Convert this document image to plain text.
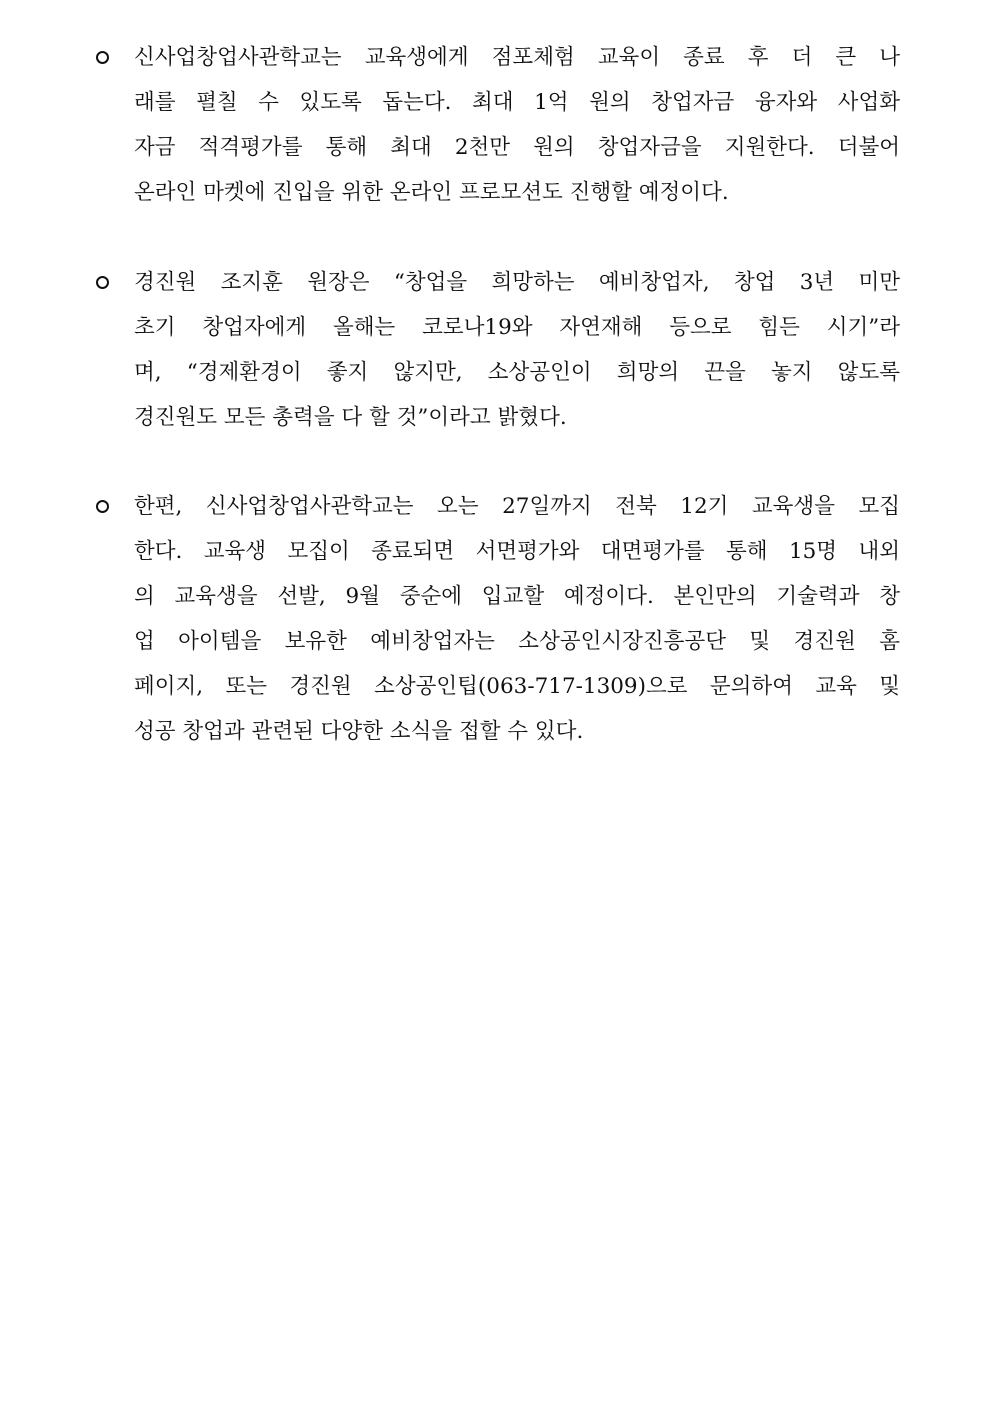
신사업창업사관학교는 교육생에게 점포체험 교육이 종료 후 더 큰 나
래를 펼칠 수 있도록 돕는다. 최대 1억 원의 창업자금 융자와 사업화
자금 적격평가를 통해 최대 2천만 원의 창업자금을 지원한다. 더불어
온라인 마켓에 진입을 위한 온라인 프로모션도 진행할 예정이다.
경진원 조지훈 원장은 “창업을 희망하는 예비창업자, 창업 3년 미만
초기 창업자에게 올해는 코로나19와 자연재해 등으로 힘든 시기”라
며, “경제환경이 좋지 않지만, 소상공인이 희망의 끈을 놓지 않도록
경진원도 모든 총력을 다 할 것”이라고 밝혔다.
한편, 신사업창업사관학교는 오는 27일까지 전북 12기 교육생을 모집
한다. 교육생 모집이 종료되면 서면평가와 대면평가를 통해 15명 내외
의 교육생을 선발, 9월 중순에 입교할 예정이다. 본인만의 기술력과 창
업 아이템을 보유한 예비창업자는 소상공인시장진흥공단 및 경진원 홈
페이지, 또는 경진원 소상공인팁(063-717-1309)으로 문의하여 교육 및
성공 창업과 관련된 다양한 소식을 접할 수 있다.
